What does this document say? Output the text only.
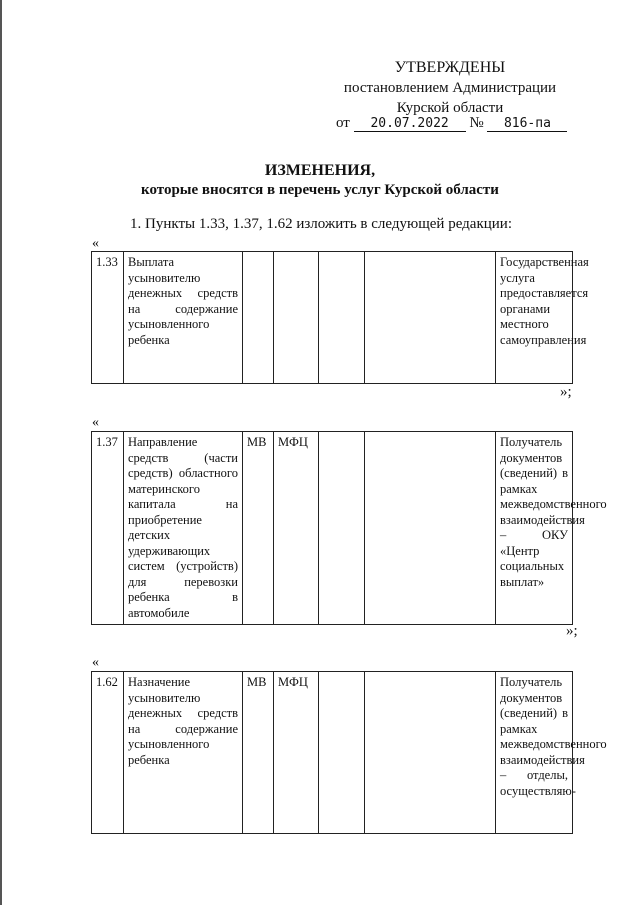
УТВЕРЖДЕНЫ
постановлением Администрации
Курской области
от 20.07.2022 № 816-па
ИЗМЕНЕНИЯ,
которые вносятся в перечень услуг Курской области
1. Пункты 1.33, 1.37, 1.62 изложить в следующей редакции:
«
1.33	Выплата усыновителю денежных средств на содержание усыновленного ребенка					Государственная услуга предоставляется органами местного самоуправления
»;
«
1.37	Направление средств (части средств) областного материнского капитала на приобретение детских удерживающих систем (устройств) для перевозки ребенка в автомобиле	МВ	МФЦ			Получатель документов (сведений) в рамках межведомственного взаимодействия – ОКУ «Центр социальных выплат»
»;
«
1.62	Назначение усыновителю денежных средств на содержание усыновленного ребенка	МВ	МФЦ			Получатель документов (сведений) в рамках межведомственного взаимодействия – отделы, осуществляю-
